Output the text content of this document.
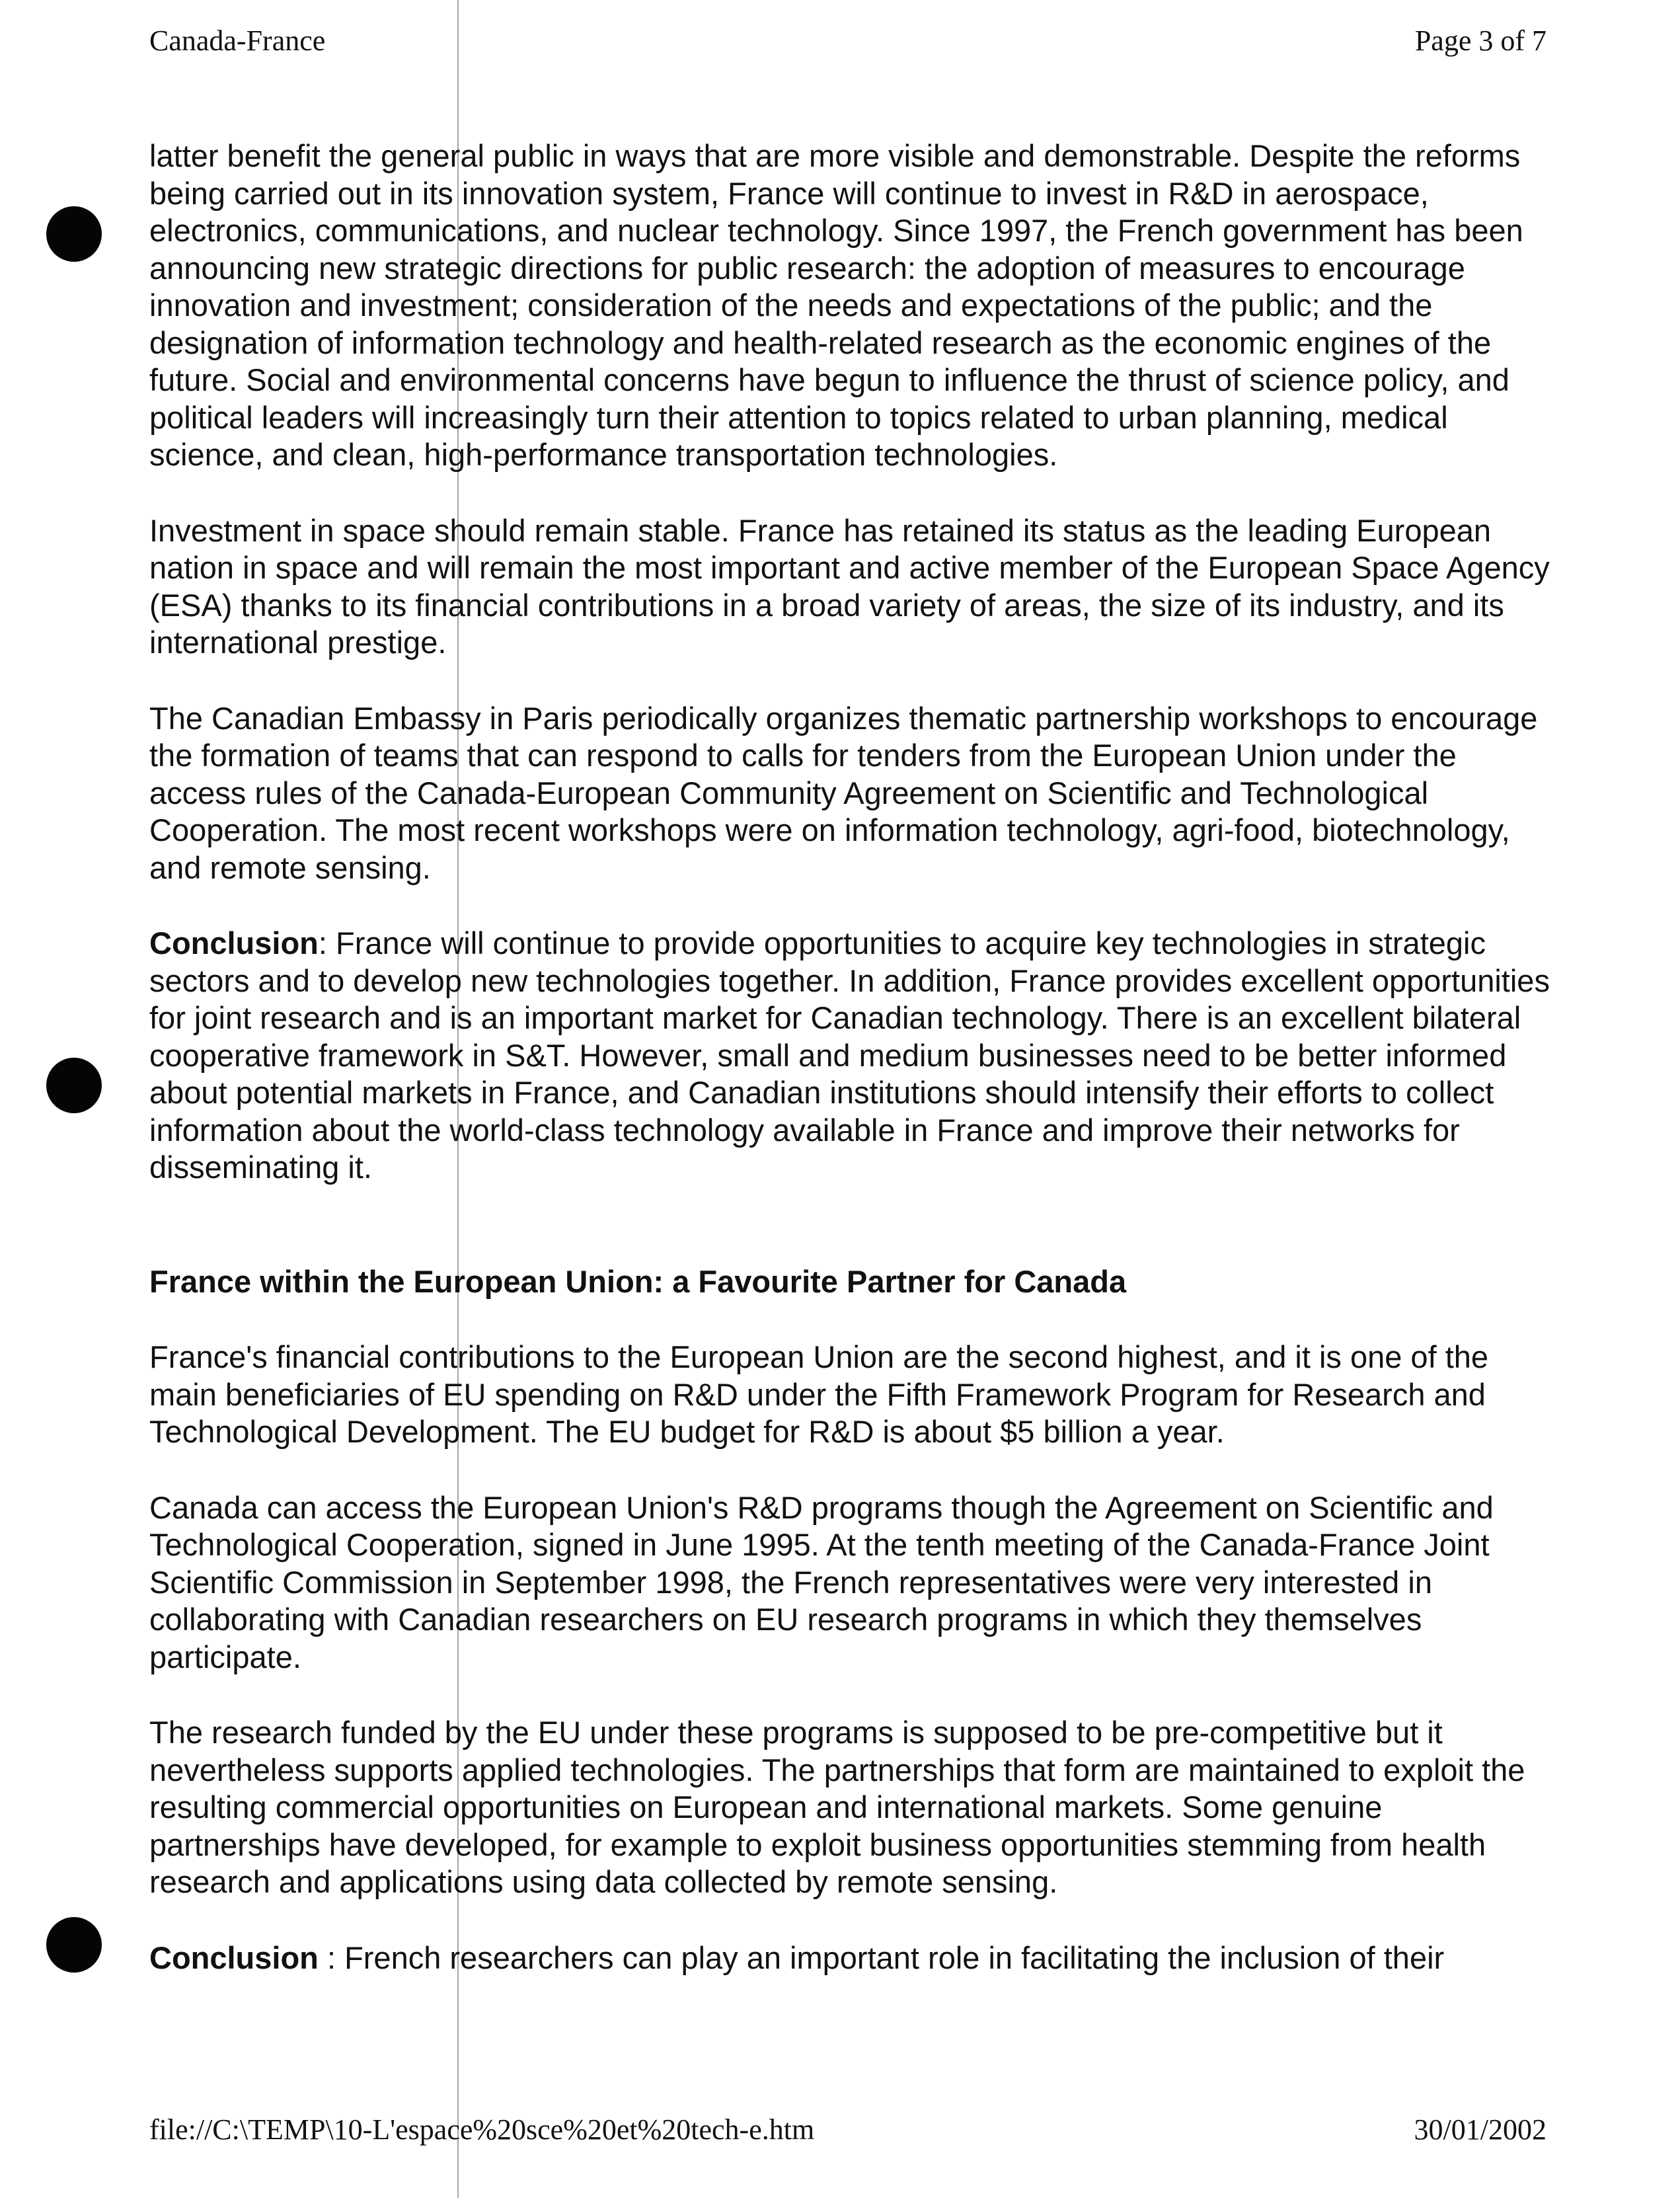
Canada-France	Page 3 of 7

latter benefit the general public in ways that are more visible and demonstrable. Despite the reforms being carried out in its innovation system, France will continue to invest in R&D in aerospace, electronics, communications, and nuclear technology. Since 1997, the French government has been announcing new strategic directions for public research: the adoption of measures to encourage innovation and investment; consideration of the needs and expectations of the public; and the designation of information technology and health-related research as the economic engines of the future. Social and environmental concerns have begun to influence the thrust of science policy, and political leaders will increasingly turn their attention to topics related to urban planning, medical science, and clean, high-performance transportation technologies.

Investment in space should remain stable. France has retained its status as the leading European nation in space and will remain the most important and active member of the European Space Agency (ESA) thanks to its financial contributions in a broad variety of areas, the size of its industry, and its international prestige.

The Canadian Embassy in Paris periodically organizes thematic partnership workshops to encourage the formation of teams that can respond to calls for tenders from the European Union under the access rules of the Canada-European Community Agreement on Scientific and Technological Cooperation. The most recent workshops were on information technology, agri-food, biotechnology, and remote sensing.

Conclusion: France will continue to provide opportunities to acquire key technologies in strategic sectors and to develop new technologies together. In addition, France provides excellent opportunities for joint research and is an important market for Canadian technology. There is an excellent bilateral cooperative framework in S&T. However, small and medium businesses need to be better informed about potential markets in France, and Canadian institutions should intensify their efforts to collect information about the world-class technology available in France and improve their networks for disseminating it.

France within the European Union: a Favourite Partner for Canada

France's financial contributions to the European Union are the second highest, and it is one of the main beneficiaries of EU spending on R&D under the Fifth Framework Program for Research and Technological Development. The EU budget for R&D is about $5 billion a year.

Canada can access the European Union's R&D programs though the Agreement on Scientific and Technological Cooperation, signed in June 1995. At the tenth meeting of the Canada-France Joint Scientific Commission in September 1998, the French representatives were very interested in collaborating with Canadian researchers on EU research programs in which they themselves participate.

The research funded by the EU under these programs is supposed to be pre-competitive but it nevertheless supports applied technologies. The partnerships that form are maintained to exploit the resulting commercial opportunities on European and international markets. Some genuine partnerships have developed, for example to exploit business opportunities stemming from health research and applications using data collected by remote sensing.

Conclusion : French researchers can play an important role in facilitating the inclusion of their

file://C:\TEMP\10-L'espace%20sce%20et%20tech-e.htm	30/01/2002
